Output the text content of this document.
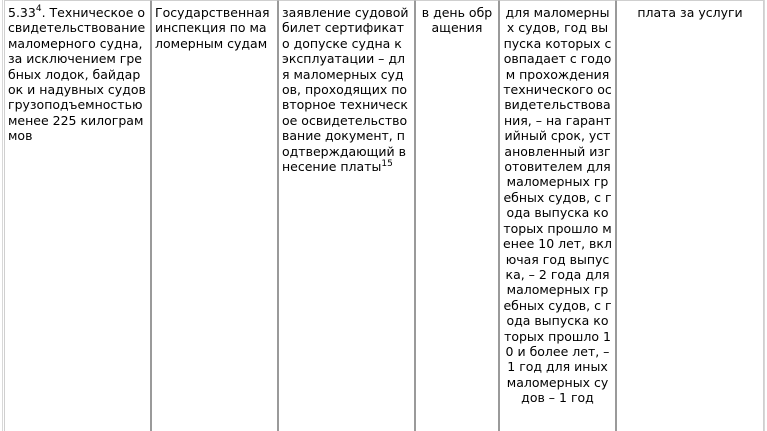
5.33$^4$. Техническое освидетельствование маломерного судна, за исключением гребных лодок, байдарок и надувных судов грузоподъемностью менее 225 килограммов	Государственная инспекция по маломерным судам	заявление судовой билет сертификат о допуске судна к эксплуатации – для маломерных судов, проходящих повторное техническое освидетельствование документ, подтверждающий внесение платы$^{15}$	в день обращения	для маломерных судов, год выпуска которых совпадает с годом прохождения технического освидетельствования, – на гарантийный срок, установленный изготовителем для маломерных гребных судов, с года выпуска которых прошло менее 10 лет, включая год выпуска, – 2 года для маломерных гребных судов, с года выпуска которых прошло 10 и более лет, – 1 год для иных маломерных судов – 1 год	плата за услуги
